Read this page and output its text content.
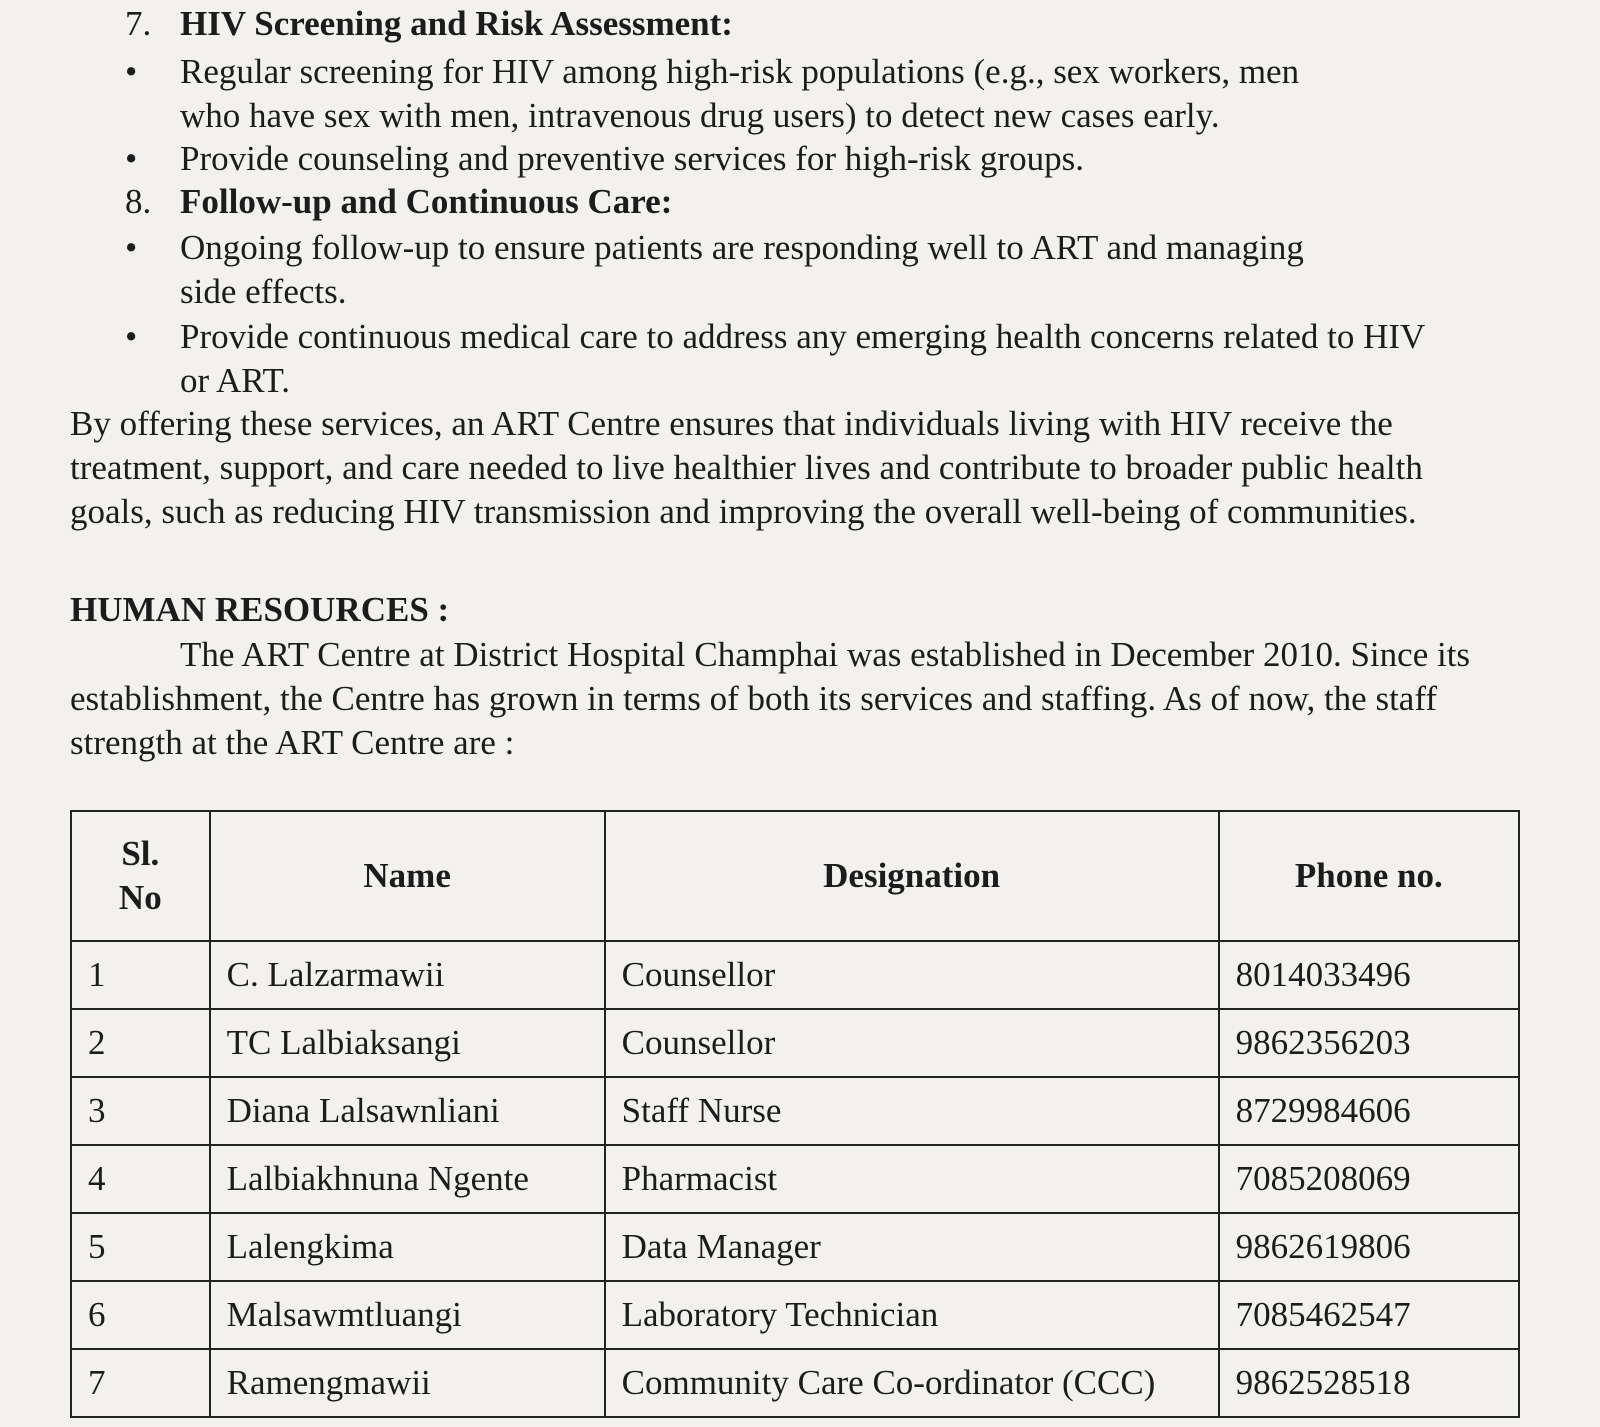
7. HIV Screening and Risk Assessment:
•	Regular screening for HIV among high-risk populations (e.g., sex workers, men who have sex with men, intravenous drug users) to detect new cases early.
•	Provide counseling and preventive services for high-risk groups.
8. Follow-up and Continuous Care:
•	Ongoing follow-up to ensure patients are responding well to ART and managing side effects.
•	Provide continuous medical care to address any emerging health concerns related to HIV or ART.

By offering these services, an ART Centre ensures that individuals living with HIV receive the treatment, support, and care needed to live healthier lives and contribute to broader public health goals, such as reducing HIV transmission and improving the overall well-being of communities.

HUMAN RESOURCES :

The ART Centre at District Hospital Champhai was established in December 2010. Since its establishment, the Centre has grown in terms of both its services and staffing. As of now, the staff strength at the ART Centre are :

Sl. No	Name	Designation	Phone no.
1	C. Lalzarmawii	Counsellor	8014033496
2	TC Lalbiaksangi	Counsellor	9862356203
3	Diana Lalsawnliani	Staff Nurse	8729984606
4	Lalbiakhnuna Ngente	Pharmacist	7085208069
5	Lalengkima	Data Manager	9862619806
6	Malsawmtluangi	Laboratory Technician	7085462547
7	Ramengmawii	Community Care Co-ordinator (CCC)	9862528518
